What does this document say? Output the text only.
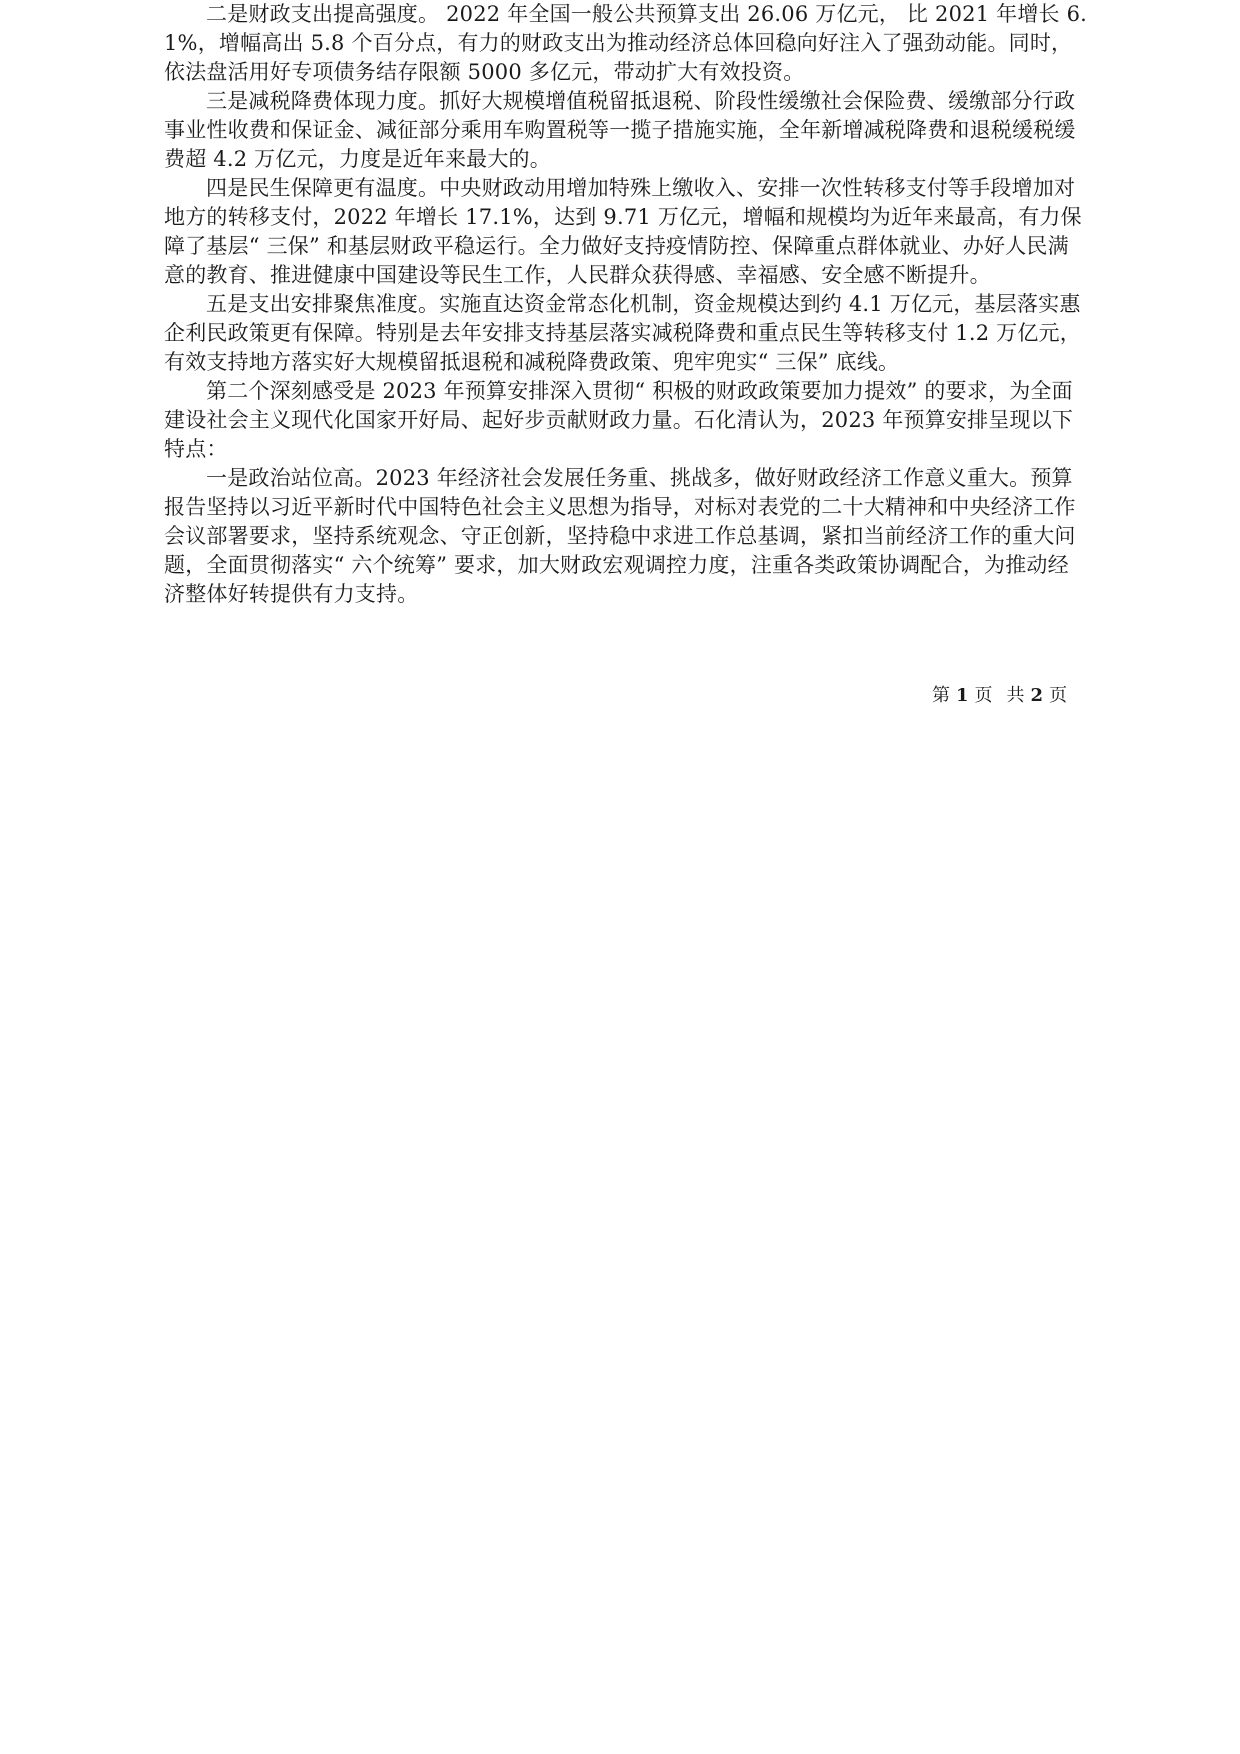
二是财政支出提高强度。 2022 年全国一般公共预算支出 26.06 万亿元， 比 2021 年增长 6.1%，增幅高出 5.8 个百分点，有力的财政支出为推动经济总体回稳向好注入了强劲动能。同时，依法盘活用好专项债务结存限额 5000 多亿元，带动扩大有效投资。

三是减税降费体现力度。抓好大规模增值税留抵退税、阶段性缓缴社会保险费、缓缴部分行政事业性收费和保证金、减征部分乘用车购置税等一揽子措施实施，全年新增减税降费和退税缓税缓费超 4.2 万亿元，力度是近年来最大的。

四是民生保障更有温度。中央财政动用增加特殊上缴收入、安排一次性转移支付等手段增加对地方的转移支付，2022 年增长 17.1%，达到 9.71 万亿元，增幅和规模均为近年来最高，有力保障了基层“ 三保” 和基层财政平稳运行。全力做好支持疫情防控、保障重点群体就业、办好人民满意的教育、推进健康中国建设等民生工作，人民群众获得感、幸福感、安全感不断提升。

五是支出安排聚焦准度。实施直达资金常态化机制，资金规模达到约 4.1 万亿元，基层落实惠企利民政策更有保障。特别是去年安排支持基层落实减税降费和重点民生等转移支付 1.2 万亿元，有效支持地方落实好大规模留抵退税和减税降费政策、兜牢兜实“ 三保” 底线。

第二个深刻感受是 2023 年预算安排深入贯彻“ 积极的财政政策要加力提效” 的要求，为全面建设社会主义现代化国家开好局、起好步贡献财政力量。石化清认为，2023 年预算安排呈现以下特点：

一是政治站位高。2023 年经济社会发展任务重、挑战多，做好财政经济工作意义重大。预算报告坚持以习近平新时代中国特色社会主义思想为指导，对标对表党的二十大精神和中央经济工作会议部署要求，坚持系统观念、守正创新，坚持稳中求进工作总基调，紧扣当前经济工作的重大问题，全面贯彻落实“ 六个统筹” 要求，加大财政宏观调控力度，注重各类政策协调配合，为推动经济整体好转提供有力支持。

第 1 页 共 2 页
